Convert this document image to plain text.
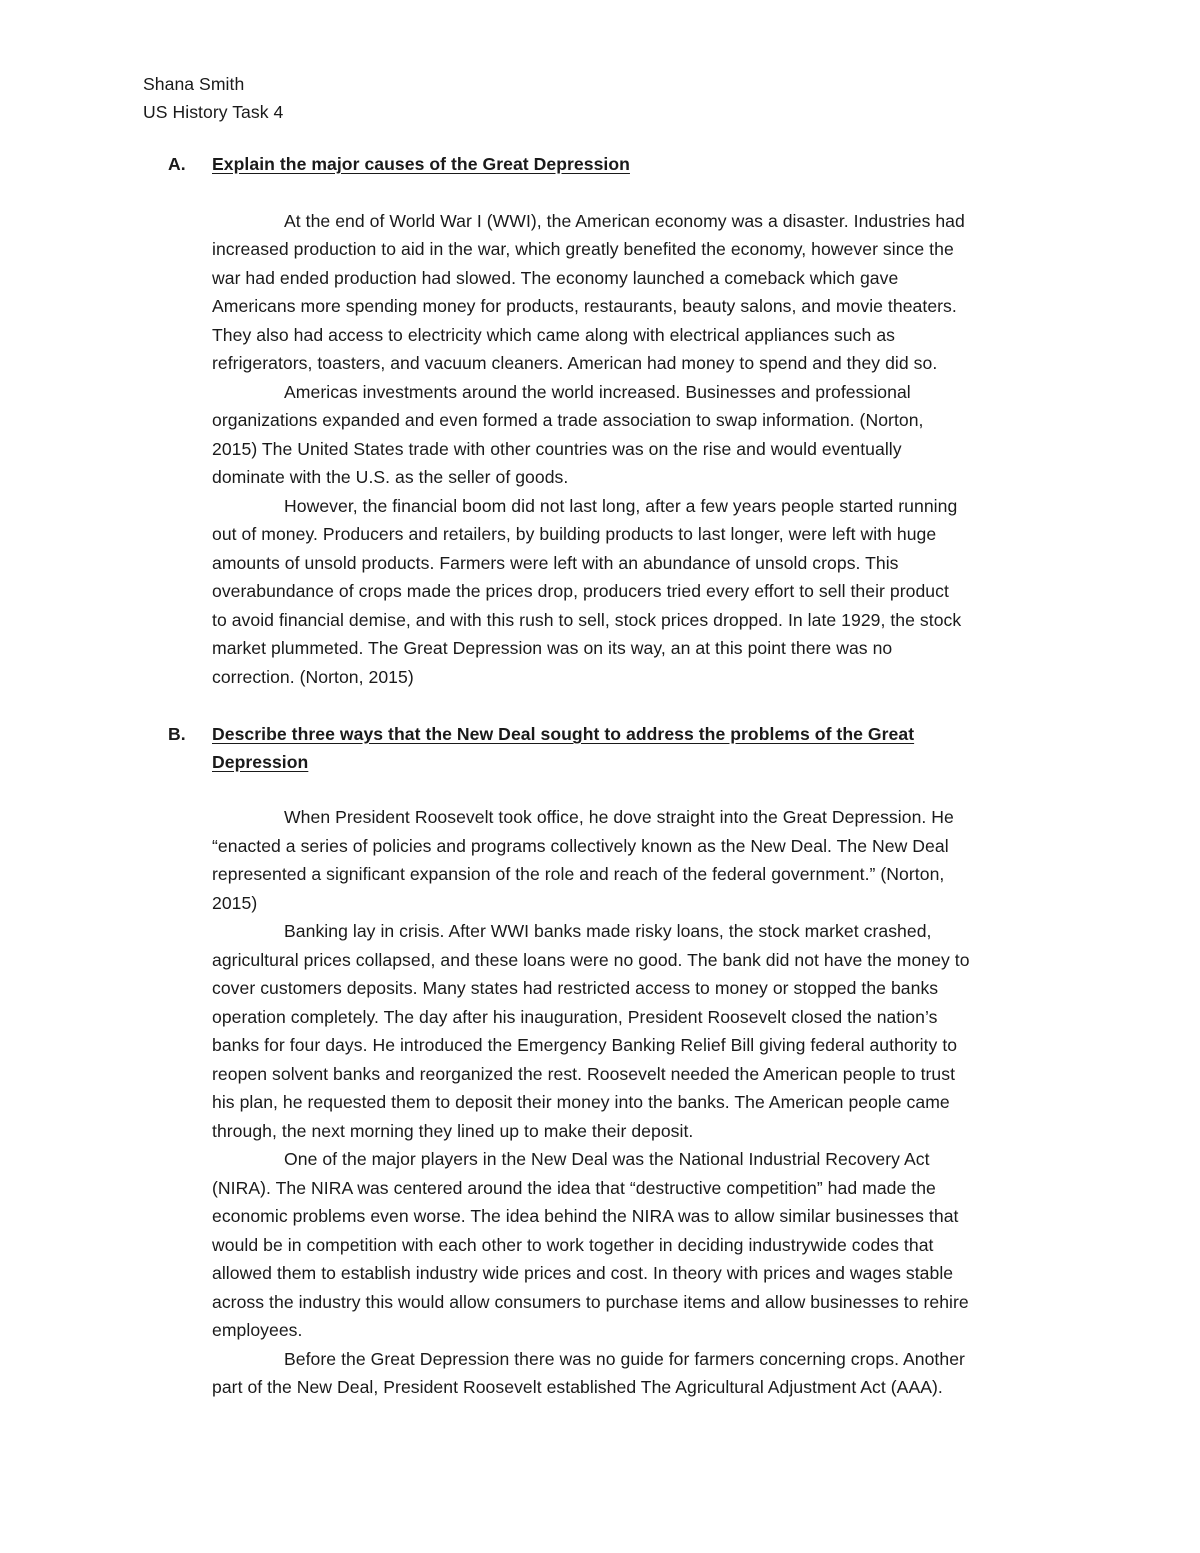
Shana Smith
US History Task 4
A. Explain the major causes of the Great Depression
At the end of World War I (WWI), the American economy was a disaster. Industries had
increased production to aid in the war, which greatly benefited the economy, however since the
war had ended production had slowed. The economy launched a comeback which gave
Americans more spending money for products, restaurants, beauty salons, and movie theaters.
They also had access to electricity which came along with electrical appliances such as
refrigerators, toasters, and vacuum cleaners. American had money to spend and they did so.
Americas investments around the world increased. Businesses and professional
organizations expanded and even formed a trade association to swap information. (Norton,
2015) The United States trade with other countries was on the rise and would eventually
dominate with the U.S. as the seller of goods.
However, the financial boom did not last long, after a few years people started running
out of money. Producers and retailers, by building products to last longer, were left with huge
amounts of unsold products. Farmers were left with an abundance of unsold crops. This
overabundance of crops made the prices drop, producers tried every effort to sell their product
to avoid financial demise, and with this rush to sell, stock prices dropped. In late 1929, the stock
market plummeted. The Great Depression was on its way, an at this point there was no
correction. (Norton, 2015)
B. Describe three ways that the New Deal sought to address the problems of the Great
Depression
When President Roosevelt took office, he dove straight into the Great Depression. He
“enacted a series of policies and programs collectively known as the New Deal. The New Deal
represented a significant expansion of the role and reach of the federal government.” (Norton,
2015)
Banking lay in crisis. After WWI banks made risky loans, the stock market crashed,
agricultural prices collapsed, and these loans were no good. The bank did not have the money to
cover customers deposits. Many states had restricted access to money or stopped the banks
operation completely. The day after his inauguration, President Roosevelt closed the nation’s
banks for four days. He introduced the Emergency Banking Relief Bill giving federal authority to
reopen solvent banks and reorganized the rest. Roosevelt needed the American people to trust
his plan, he requested them to deposit their money into the banks. The American people came
through, the next morning they lined up to make their deposit.
One of the major players in the New Deal was the National Industrial Recovery Act
(NIRA). The NIRA was centered around the idea that “destructive competition” had made the
economic problems even worse. The idea behind the NIRA was to allow similar businesses that
would be in competition with each other to work together in deciding industrywide codes that
allowed them to establish industry wide prices and cost. In theory with prices and wages stable
across the industry this would allow consumers to purchase items and allow businesses to rehire
employees.
Before the Great Depression there was no guide for farmers concerning crops. Another
part of the New Deal, President Roosevelt established The Agricultural Adjustment Act (AAA).
